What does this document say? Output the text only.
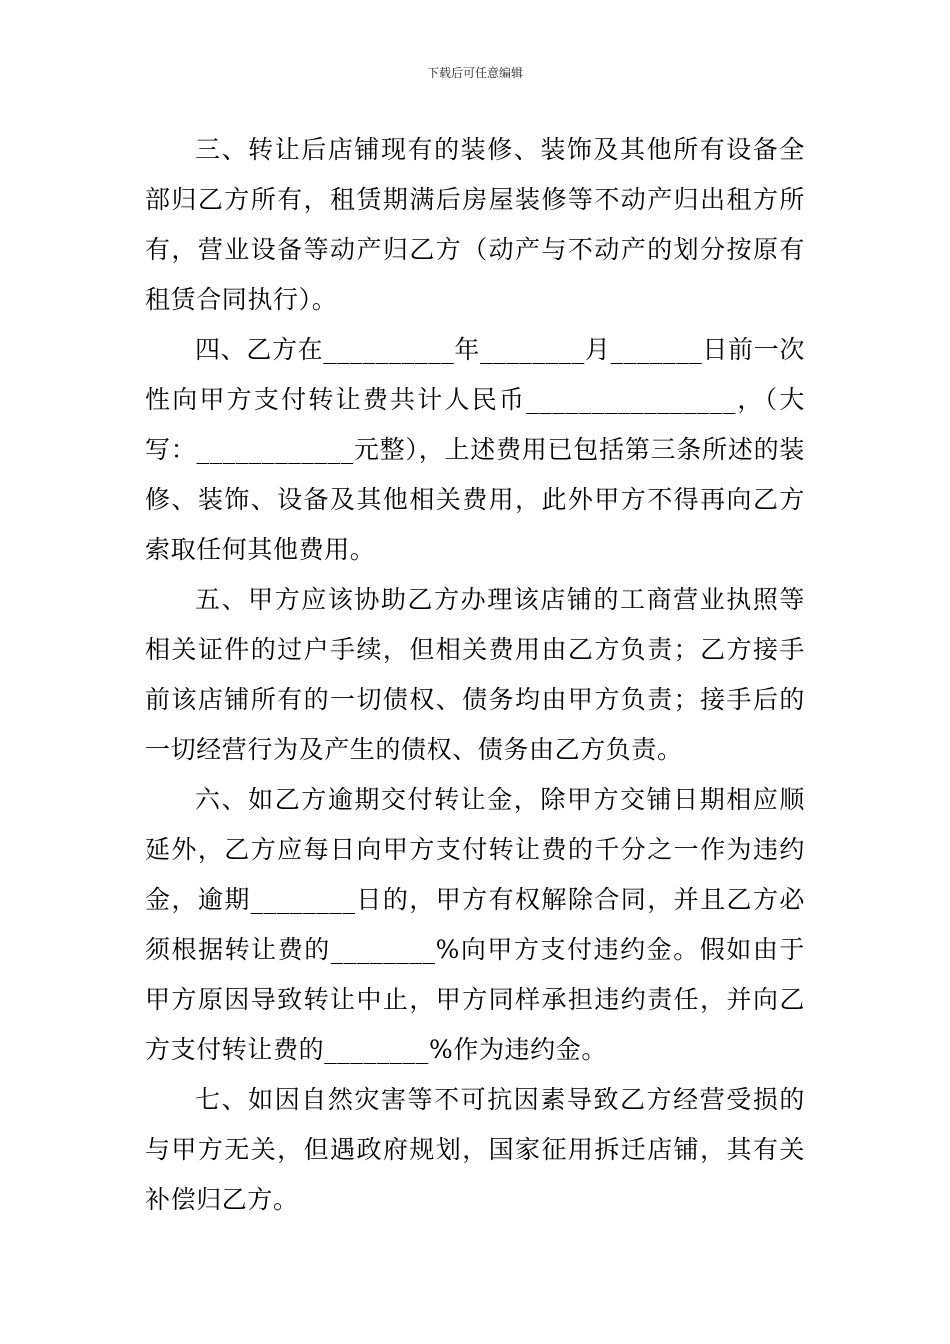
下载后可任意编辑

三、转让后店铺现有的装修、装饰及其他所有设备全部归乙方所有，租赁期满后房屋装修等不动产归出租方所有，营业设备等动产归乙方（动产与不动产的划分按原有租赁合同执行）。

四、乙方在__________年________月_______日前一次性向甲方支付转让费共计人民币________________，（大写：____________元整），上述费用已包括第三条所述的装修、装饰、设备及其他相关费用，此外甲方不得再向乙方索取任何其他费用。

五、甲方应该协助乙方办理该店铺的工商营业执照等相关证件的过户手续，但相关费用由乙方负责；乙方接手前该店铺所有的一切债权、债务均由甲方负责；接手后的一切经营行为及产生的债权、债务由乙方负责。

六、如乙方逾期交付转让金，除甲方交铺日期相应顺延外，乙方应每日向甲方支付转让费的千分之一作为违约金，逾期________日的，甲方有权解除合同，并且乙方必须根据转让费的________%向甲方支付违约金。假如由于甲方原因导致转让中止，甲方同样承担违约责任，并向乙方支付转让费的________%作为违约金。

七、如因自然灾害等不可抗因素导致乙方经营受损的与甲方无关，但遇政府规划，国家征用拆迁店铺，其有关补偿归乙方。
